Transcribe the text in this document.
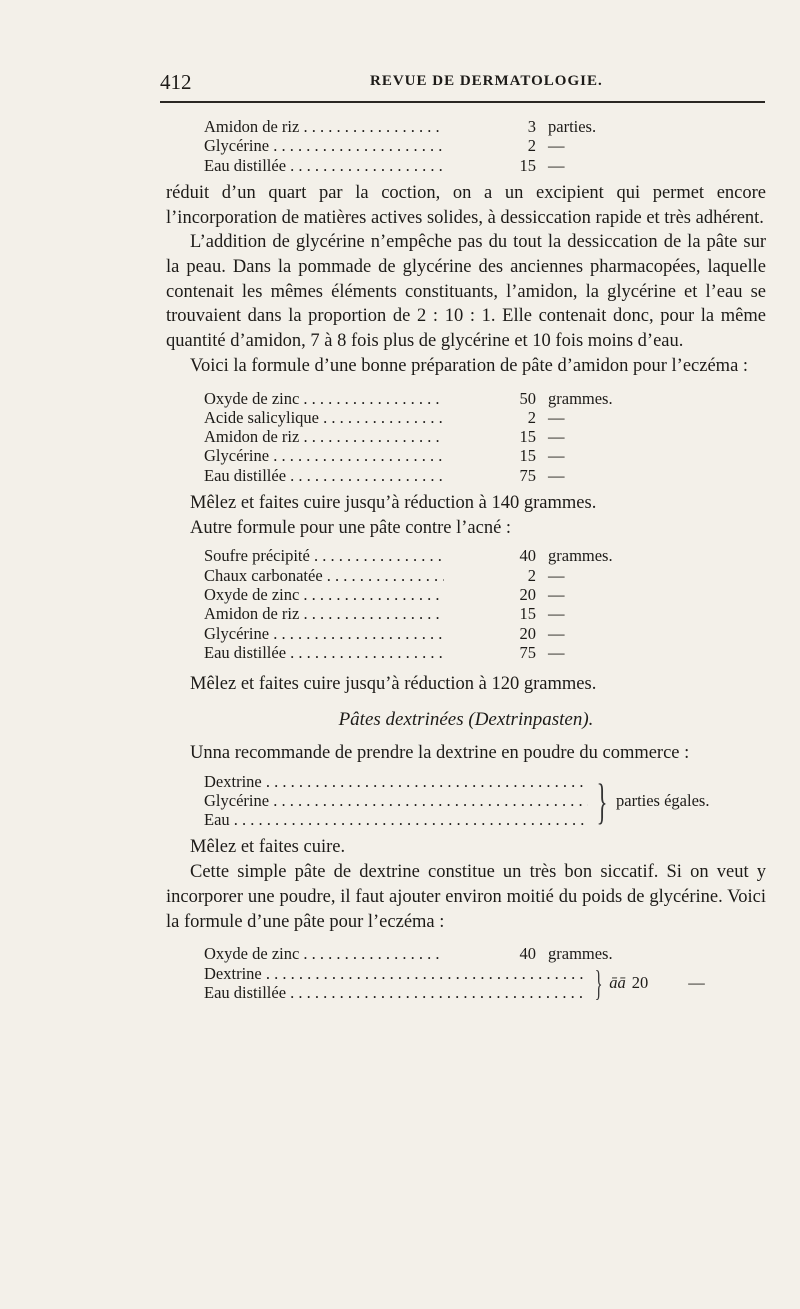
412	REVUE DE DERMATOLOGIE.
Amidon de riz . . .	3 parties.
Glycérine . . .	2 —
Eau distillée . . .	15 —

réduit d’un quart par la coction, on a un excipient qui permet encore l’incorporation de matières actives solides, à dessiccation rapide et très adhérent.

L’addition de glycérine n’empêche pas du tout la dessiccation de la pâte sur la peau. Dans la pommade de glycérine des anciennes pharmacopées, laquelle contenait les mêmes éléments constituants, l’amidon, la glycérine et l’eau se trouvaient dans la proportion de 2 : 10 : 1. Elle contenait donc, pour la même quantité d’amidon, 7 à 8 fois plus de glycérine et 10 fois moins d’eau.

Voici la formule d’une bonne préparation de pâte d’amidon pour l’eczéma :

Oxyde de zinc . . .	50 grammes.
Acide salicylique . . .	2 —
Amidon de riz . . .	15 —
Glycérine . . .	15 —
Eau distillée . . .	75 —

Mêlez et faites cuire jusqu’à réduction à 140 grammes.

Autre formule pour une pâte contre l’acné :

Soufre précipité . . .	40 grammes.
Chaux carbonatée . . .	2 —
Oxyde de zinc . . .	20 —
Amidon de riz . . .	15 —
Glycérine . . .	20 —
Eau distillée . . .	75 —

Mêlez et faites cuire jusqu’à réduction à 120 grammes.

Pâtes dextrinées (Dextrinpasten).

Unna recommande de prendre la dextrine en poudre du commerce :

Dextrine . . .
Glycérine . . .
Eau . . .	} parties égales.

Mêlez et faites cuire.

Cette simple pâte de dextrine constitue un très bon siccatif. Si on veut y incorporer une poudre, il faut ajouter environ moitié du poids de glycérine. Voici la formule d’une pâte pour l’eczéma :

Oxyde de zinc . . .	40 grammes.
Dextrine . . .
Eau distillée . . .	} āā 20	—
